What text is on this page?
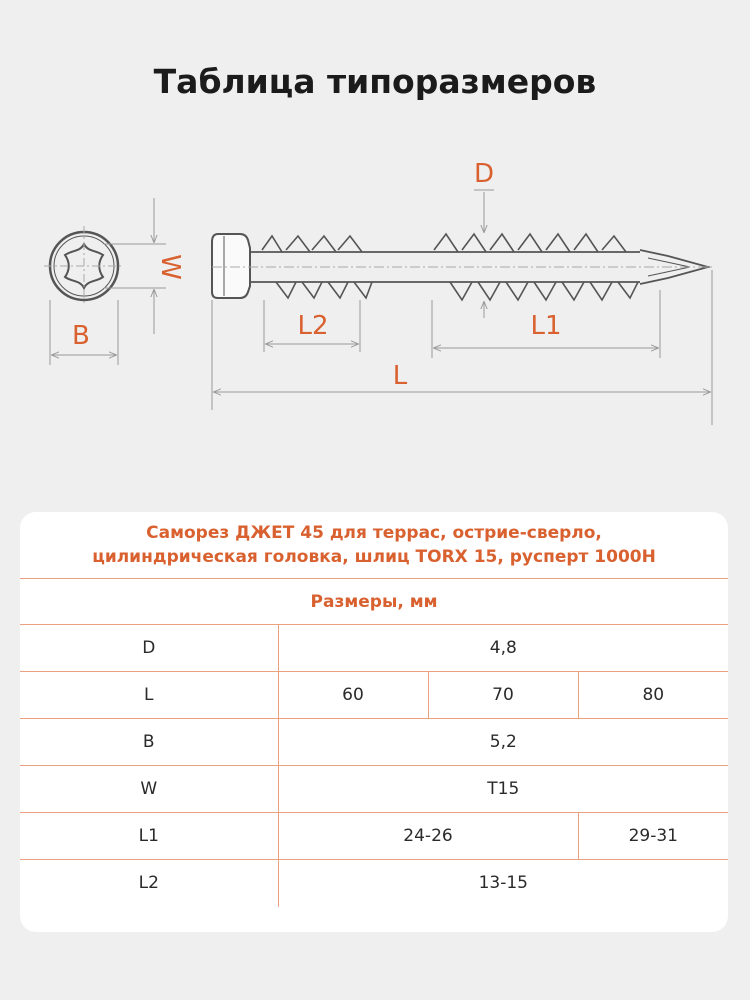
Таблица типоразмеров
B
W
D
L2	L1
L
Саморез ДЖЕТ 45 для террас, острие-сверло,
цилиндрическая головка, шлиц TORX 15, русперт 1000Н			

Размеры, мм			
D	4,8		
L	60	70	80
B	5,2		
W	T15		
L1	24-26		29-31
L2	13-15		
